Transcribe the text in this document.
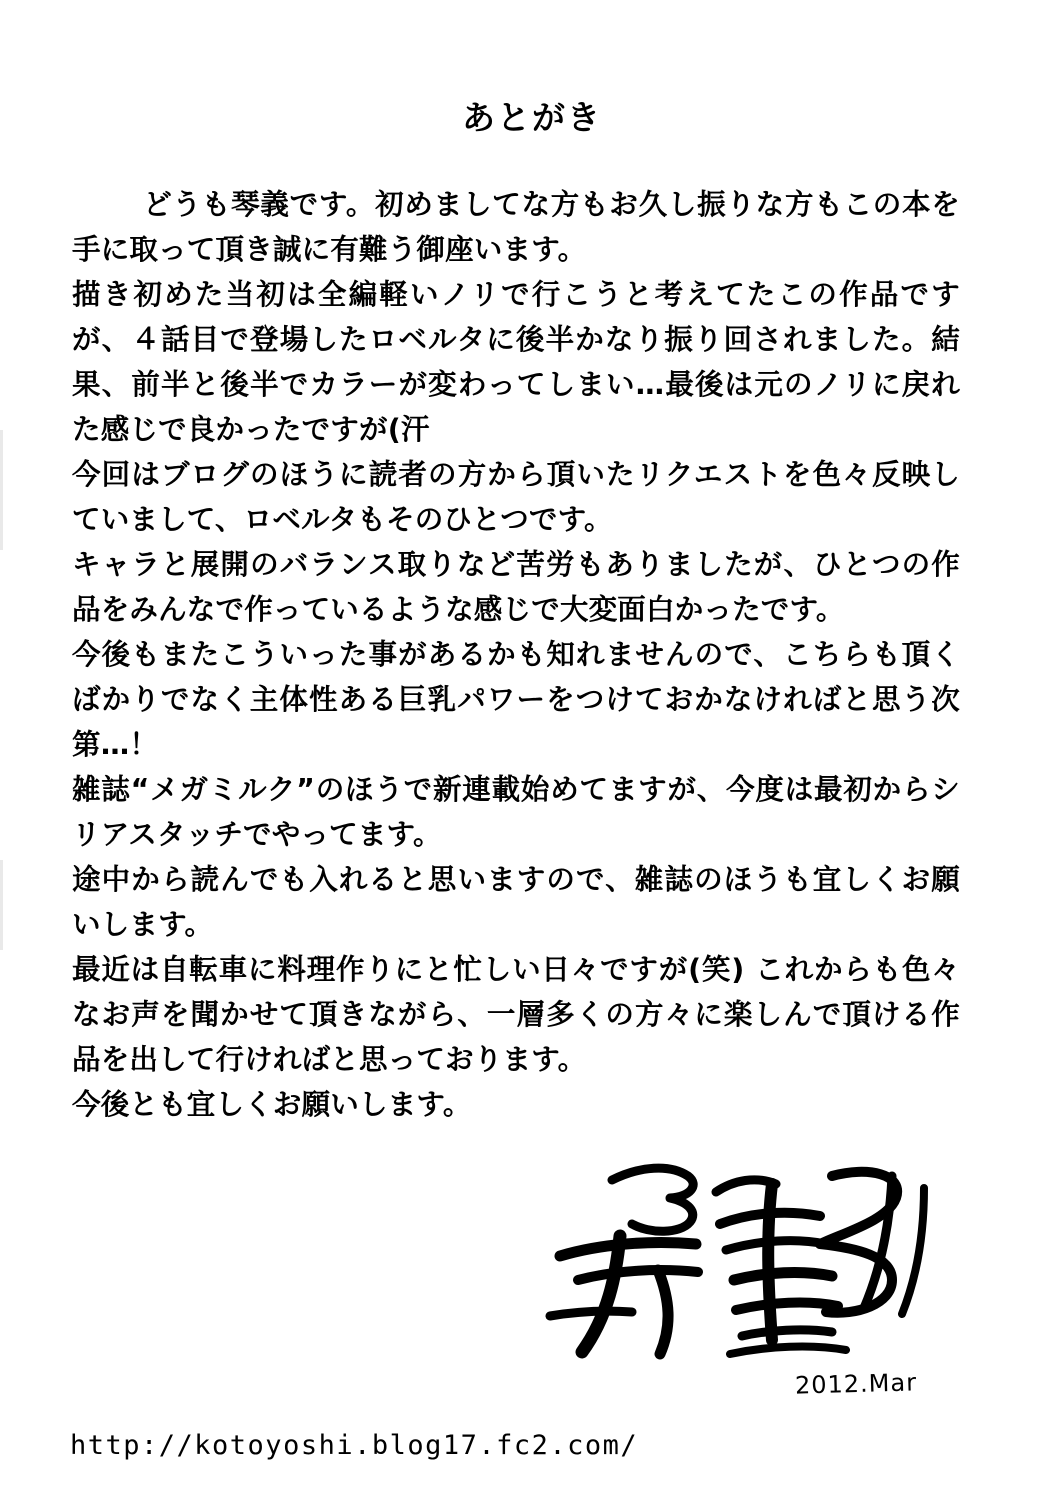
あとがき

　どうも琴義です。初めましてな方もお久し振りな方もこの本を手に取って頂き誠に有難う御座います。

描き初めた当初は全編軽いノリで行こうと考えてたこの作品ですが、４話目で登場したロベルタに後半かなり振り回されました。結果、前半と後半でカラーが変わってしまい…最後は元のノリに戻れた感じで良かったですが(汗

今回はブログのほうに読者の方から頂いたリクエストを色々反映していまして、ロベルタもそのひとつです。

キャラと展開のバランス取りなど苦労もありましたが、ひとつの作品をみんなで作っているような感じで大変面白かったです。

今後もまたこういった事があるかも知れませんので、こちらも頂くばかりでなく主体性ある巨乳パワーをつけておかなければと思う次第…！

雑誌“メガミルク”のほうで新連載始めてますが、今度は最初からシリアスタッチでやってます。

途中から読んでも入れると思いますので、雑誌のほうも宜しくお願いします。

最近は自転車に料理作りにと忙しい日々ですが(笑) これからも色々なお声を聞かせて頂きながら、一層多くの方々に楽しんで頂ける作品を出して行ければと思っております。

今後とも宜しくお願いします。

2012.Mar
http://kotoyoshi.blog17.fc2.com/
